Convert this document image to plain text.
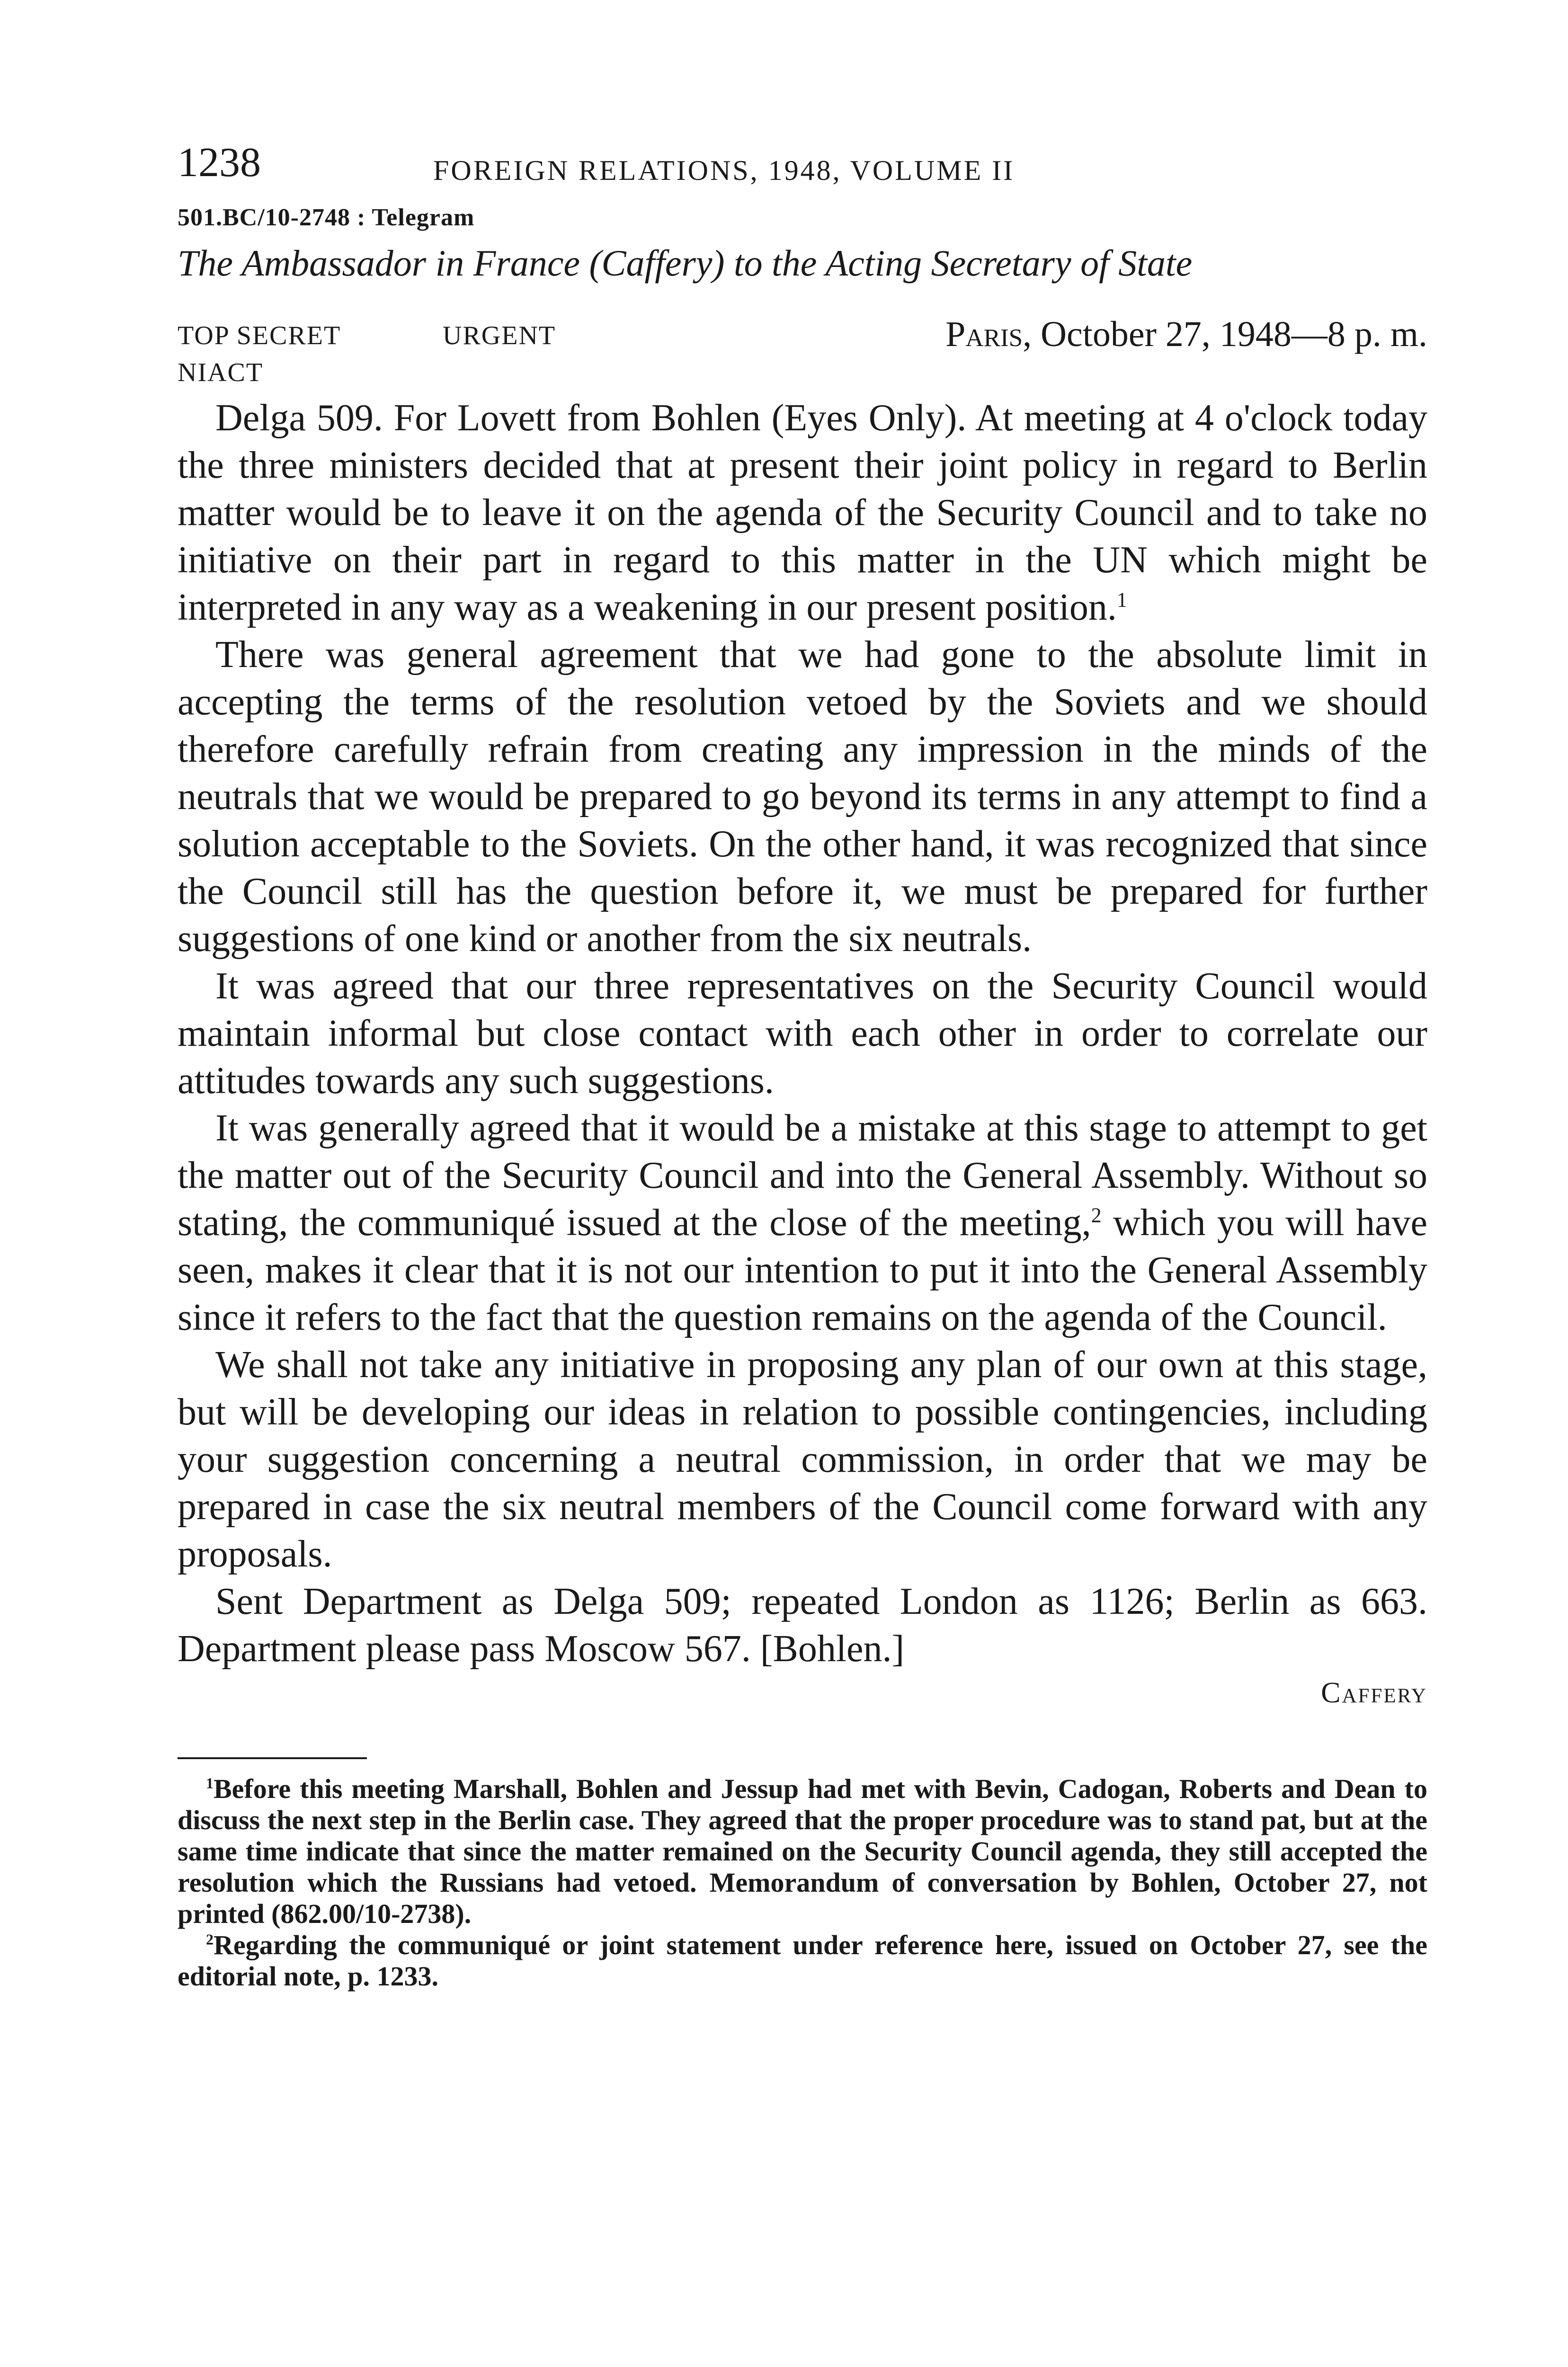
1238	FOREIGN RELATIONS, 1948, VOLUME II
501.BC/10-2748 : Telegram
The Ambassador in France (Caffery) to the Acting Secretary of State
TOP SECRET	URGENT	Paris, October 27, 1948—8 p. m.
NIACT

Delga 509. For Lovett from Bohlen (Eyes Only). At meeting at 4 o'clock today the three ministers decided that at present their joint policy in regard to Berlin matter would be to leave it on the agenda of the Security Council and to take no initiative on their part in regard to this matter in the UN which might be interpreted in any way as a weakening in our present position.$^1$

There was general agreement that we had gone to the absolute limit in accepting the terms of the resolution vetoed by the Soviets and we should therefore carefully refrain from creating any impression in the minds of the neutrals that we would be prepared to go beyond its terms in any attempt to find a solution acceptable to the Soviets. On the other hand, it was recognized that since the Council still has the question before it, we must be prepared for further suggestions of one kind or another from the six neutrals.

It was agreed that our three representatives on the Security Council would maintain informal but close contact with each other in order to correlate our attitudes towards any such suggestions.

It was generally agreed that it would be a mistake at this stage to attempt to get the matter out of the Security Council and into the General Assembly. Without so stating, the communiqué issued at the close of the meeting,$^2$ which you will have seen, makes it clear that it is not our intention to put it into the General Assembly since it refers to the fact that the question remains on the agenda of the Council.

We shall not take any initiative in proposing any plan of our own at this stage, but will be developing our ideas in relation to possible contingencies, including your suggestion concerning a neutral commission, in order that we may be prepared in case the six neutral members of the Council come forward with any proposals.

Sent Department as Delga 509; repeated London as 1126; Berlin as 663. Department please pass Moscow 567. [Bohlen.]

Caffery

$^1$Before this meeting Marshall, Bohlen and Jessup had met with Bevin, Cadogan, Roberts and Dean to discuss the next step in the Berlin case. They agreed that the proper procedure was to stand pat, but at the same time indicate that since the matter remained on the Security Council agenda, they still accepted the resolution which the Russians had vetoed. Memorandum of conversation by Bohlen, October 27, not printed (862.00/10-2738).

$^2$Regarding the communiqué or joint statement under reference here, issued on October 27, see the editorial note, p. 1233.
